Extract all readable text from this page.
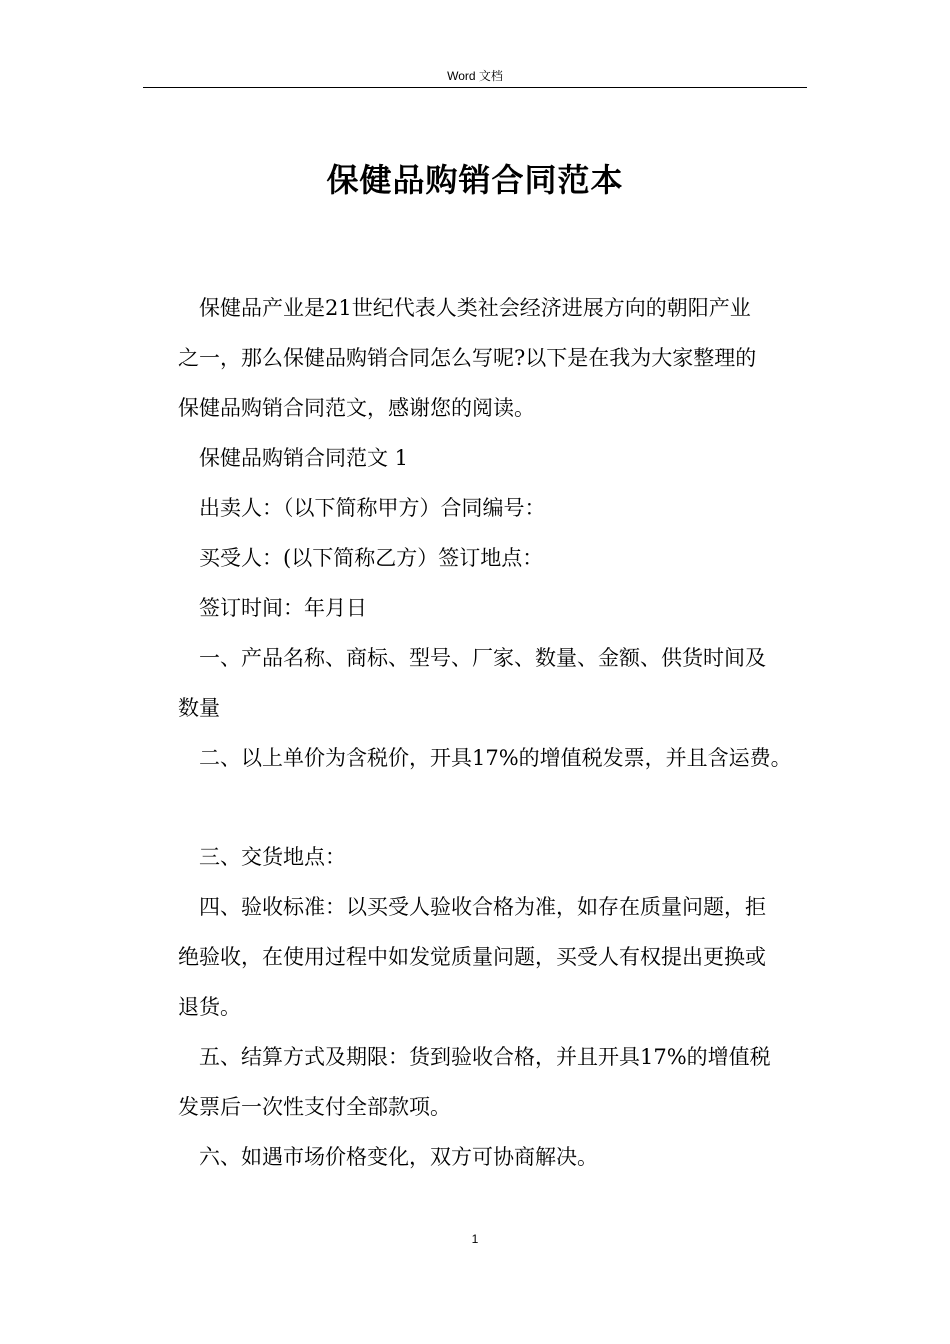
Word 文档
保健品购销合同范本
保健品产业是21世纪代表人类社会经济进展方向的朝阳产业
之一，那么保健品购销合同怎么写呢?以下是在我为大家整理的
保健品购销合同范文，感谢您的阅读。
保健品购销合同范文 1
出卖人：（以下简称甲方）合同编号：
买受人：(以下简称乙方）签订地点：
签订时间：年月日
一、产品名称、商标、型号、厂家、数量、金额、供货时间及
数量
二、以上单价为含税价，开具17%的增值税发票，并且含运费。
三、交货地点：
四、验收标准：以买受人验收合格为准，如存在质量问题，拒
绝验收，在使用过程中如发觉质量问题，买受人有权提出更换或
退货。
五、结算方式及期限：货到验收合格，并且开具17%的增值税
发票后一次性支付全部款项。
六、如遇市场价格变化，双方可协商解决。
1
